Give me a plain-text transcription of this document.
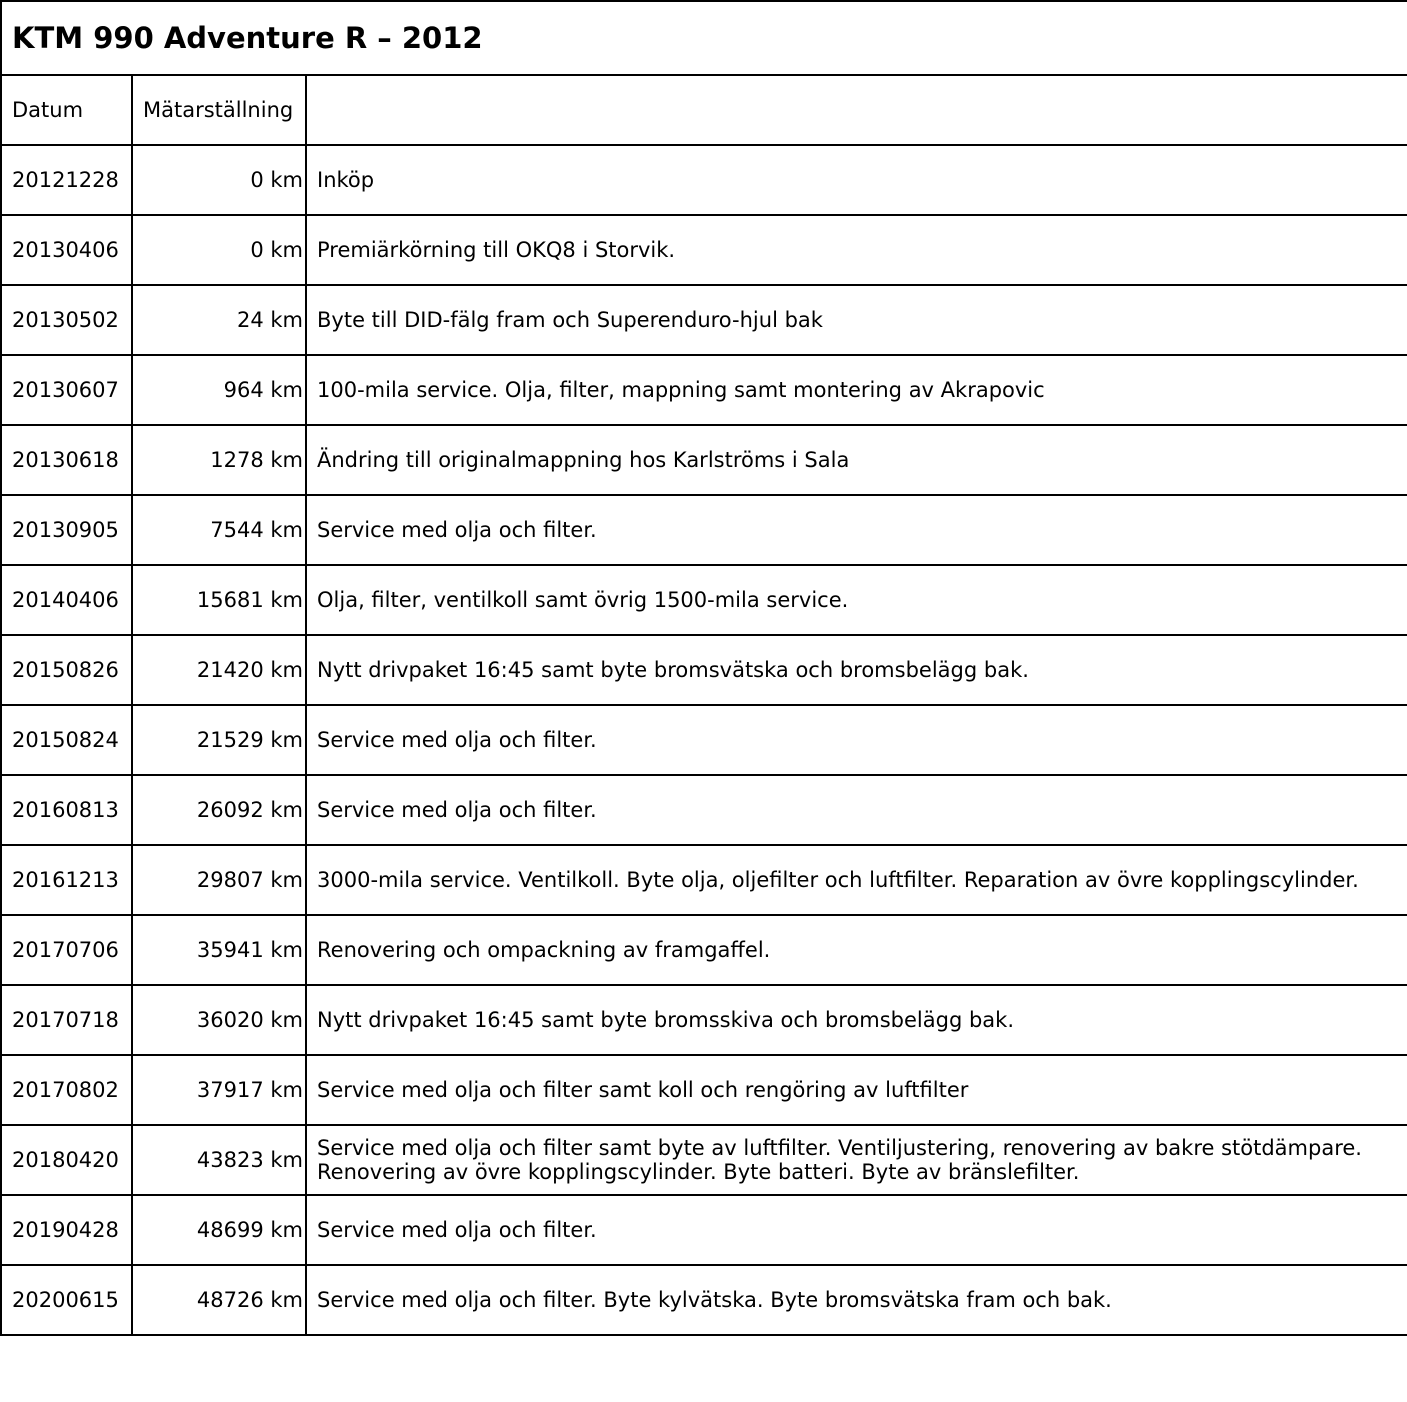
KTM 990 Adventure R – 2012		
Datum	Mätarställning	
20121228	0 km	Inköp
20130406	0 km	Premiärkörning till OKQ8 i Storvik.
20130502	24 km	Byte till DID-fälg fram och Superenduro-hjul bak
20130607	964 km	100-mila service. Olja, filter, mappning samt montering av Akrapovic
20130618	1278 km	Ändring till originalmappning hos Karlströms i Sala
20130905	7544 km	Service med olja och filter.
20140406	15681 km	Olja, filter, ventilkoll samt övrig 1500-mila service.
20150826	21420 km	Nytt drivpaket 16:45 samt byte bromsvätska och bromsbelägg bak.
20150824	21529 km	Service med olja och filter.
20160813	26092 km	Service med olja och filter.
20161213	29807 km	3000-mila service. Ventilkoll. Byte olja, oljefilter och luftfilter. Reparation av övre kopplingscylinder.
20170706	35941 km	Renovering och ompackning av framgaffel.
20170718	36020 km	Nytt drivpaket 16:45 samt byte bromsskiva och bromsbelägg bak.
20170802	37917 km	Service med olja och filter samt koll och rengöring av luftfilter
20180420	43823 km	Service med olja och filter samt byte av luftfilter. Ventiljustering, renovering av bakre stötdämpare. Renovering av övre kopplingscylinder. Byte batteri. Byte av bränslefilter.
20190428	48699 km	Service med olja och filter.
20200615	48726 km	Service med olja och filter. Byte kylvätska. Byte bromsvätska fram och bak.
